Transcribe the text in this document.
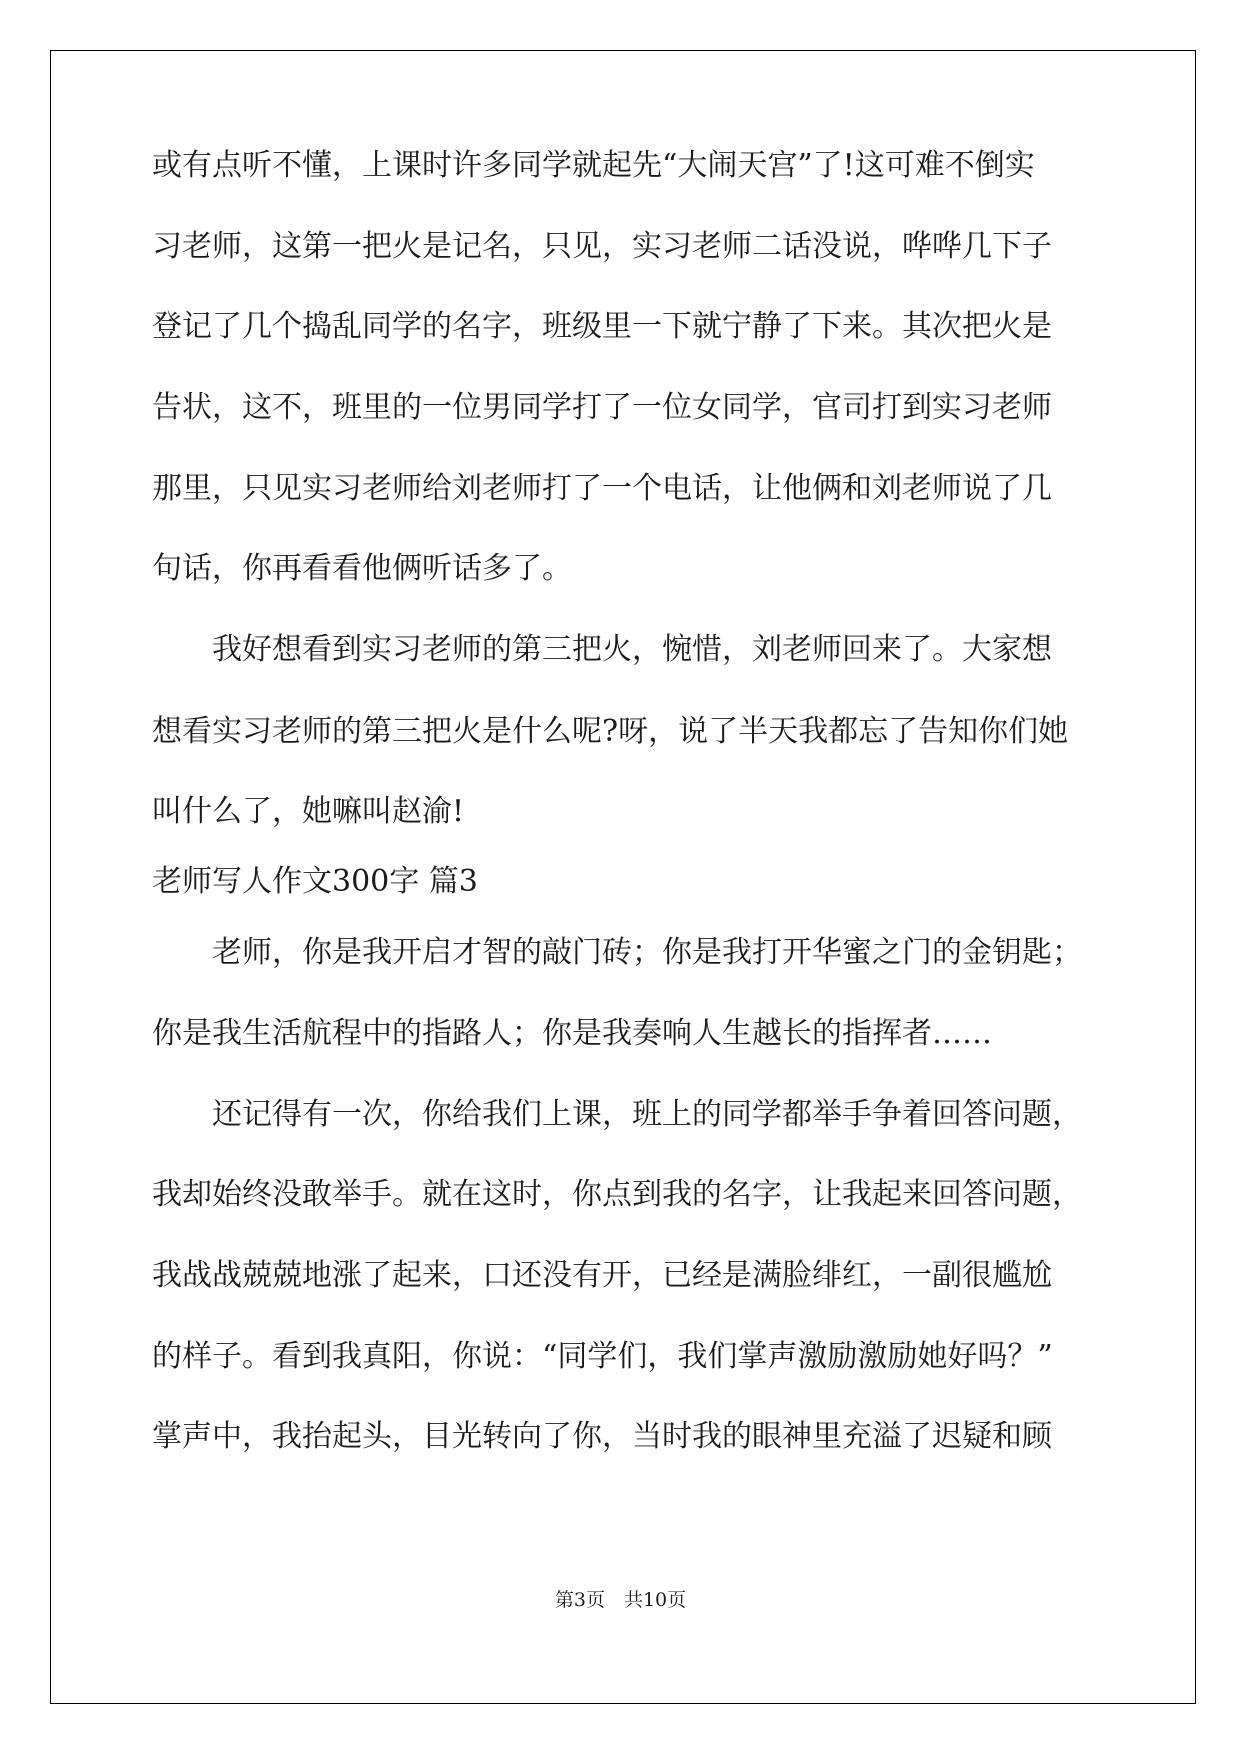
或有点听不懂，上课时许多同学就起先“大闹天宫”了!这可难不倒实
习老师，这第一把火是记名，只见，实习老师二话没说，哗哗几下子
登记了几个捣乱同学的名字，班级里一下就宁静了下来。其次把火是
告状，这不，班里的一位男同学打了一位女同学，官司打到实习老师
那里，只见实习老师给刘老师打了一个电话，让他俩和刘老师说了几
句话，你再看看他俩听话多了。
　　我好想看到实习老师的第三把火，惋惜，刘老师回来了。大家想
想看实习老师的第三把火是什么呢?呀，说了半天我都忘了告知你们她
叫什么了，她嘛叫赵渝!
老师写人作文300字 篇3
　　老师，你是我开启才智的敲门砖；你是我打开华蜜之门的金钥匙；
你是我生活航程中的指路人；你是我奏响人生越长的指挥者……
　　还记得有一次，你给我们上课，班上的同学都举手争着回答问题，
我却始终没敢举手。就在这时，你点到我的名字，让我起来回答问题，
我战战兢兢地涨了起来，口还没有开，已经是满脸绯红，一副很尴尬
的样子。看到我真阳，你说：“同学们，我们掌声激励激励她好吗？”
掌声中，我抬起头，目光转向了你，当时我的眼神里充溢了迟疑和顾
第3页　共10页
